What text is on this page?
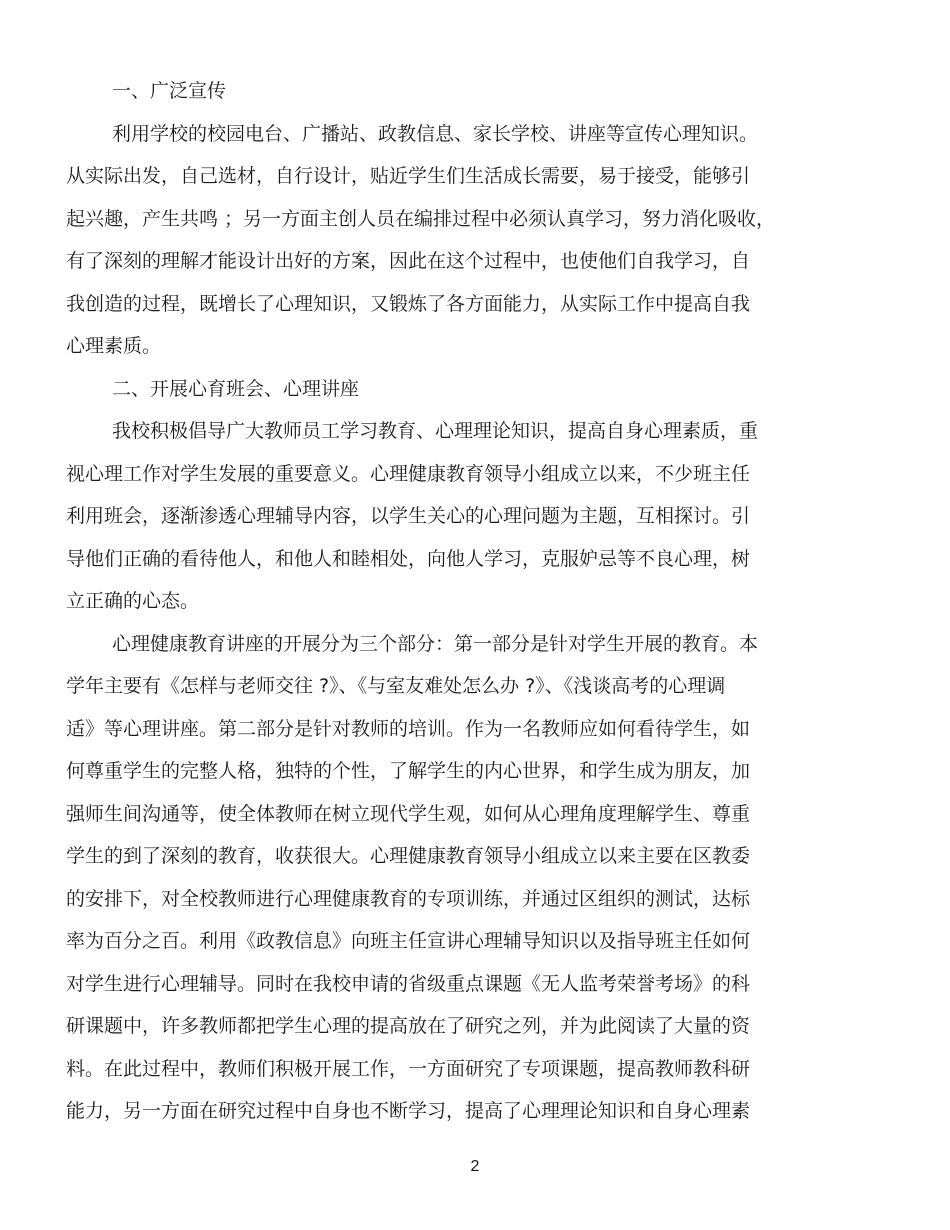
一、广泛宣传
利用学校的校园电台、广播站、政教信息、家长学校、讲座等宣传心理知识。
从实际出发，自己选材，自行设计，贴近学生们生活成长需要，易于接受，能够引
起兴趣，产生共鸣 ；另一方面主创人员在编排过程中必须认真学习，努力消化吸收，
有了深刻的理解才能设计出好的方案，因此在这个过程中，也使他们自我学习，自
我创造的过程，既增长了心理知识，又锻炼了各方面能力，从实际工作中提高自我
心理素质。
二、开展心育班会、心理讲座
我校积极倡导广大教师员工学习教育、心理理论知识，提高自身心理素质，重
视心理工作对学生发展的重要意义。心理健康教育领导小组成立以来，不少班主任
利用班会，逐渐渗透心理辅导内容，以学生关心的心理问题为主题，互相探讨。引
导他们正确的看待他人，和他人和睦相处，向他人学习，克服妒忌等不良心理，树
立正确的心态。
心理健康教育讲座的开展分为三个部分：第一部分是针对学生开展的教育。本
学年主要有《怎样与老师交往 ?》、《与室友难处怎么办 ?》、《浅谈高考的心理调
适》等心理讲座。第二部分是针对教师的培训。作为一名教师应如何看待学生，如
何尊重学生的完整人格，独特的个性，了解学生的内心世界，和学生成为朋友，加
强师生间沟通等，使全体教师在树立现代学生观，如何从心理角度理解学生、尊重
学生的到了深刻的教育，收获很大。心理健康教育领导小组成立以来主要在区教委
的安排下，对全校教师进行心理健康教育的专项训练，并通过区组织的测试，达标
率为百分之百。利用《政教信息》向班主任宣讲心理辅导知识以及指导班主任如何
对学生进行心理辅导。同时在我校申请的省级重点课题《无人监考荣誉考场》的科
研课题中，许多教师都把学生心理的提高放在了研究之列，并为此阅读了大量的资
料。在此过程中，教师们积极开展工作，一方面研究了专项课题，提高教师教科研
能力，另一方面在研究过程中自身也不断学习，提高了心理理论知识和自身心理素
2
